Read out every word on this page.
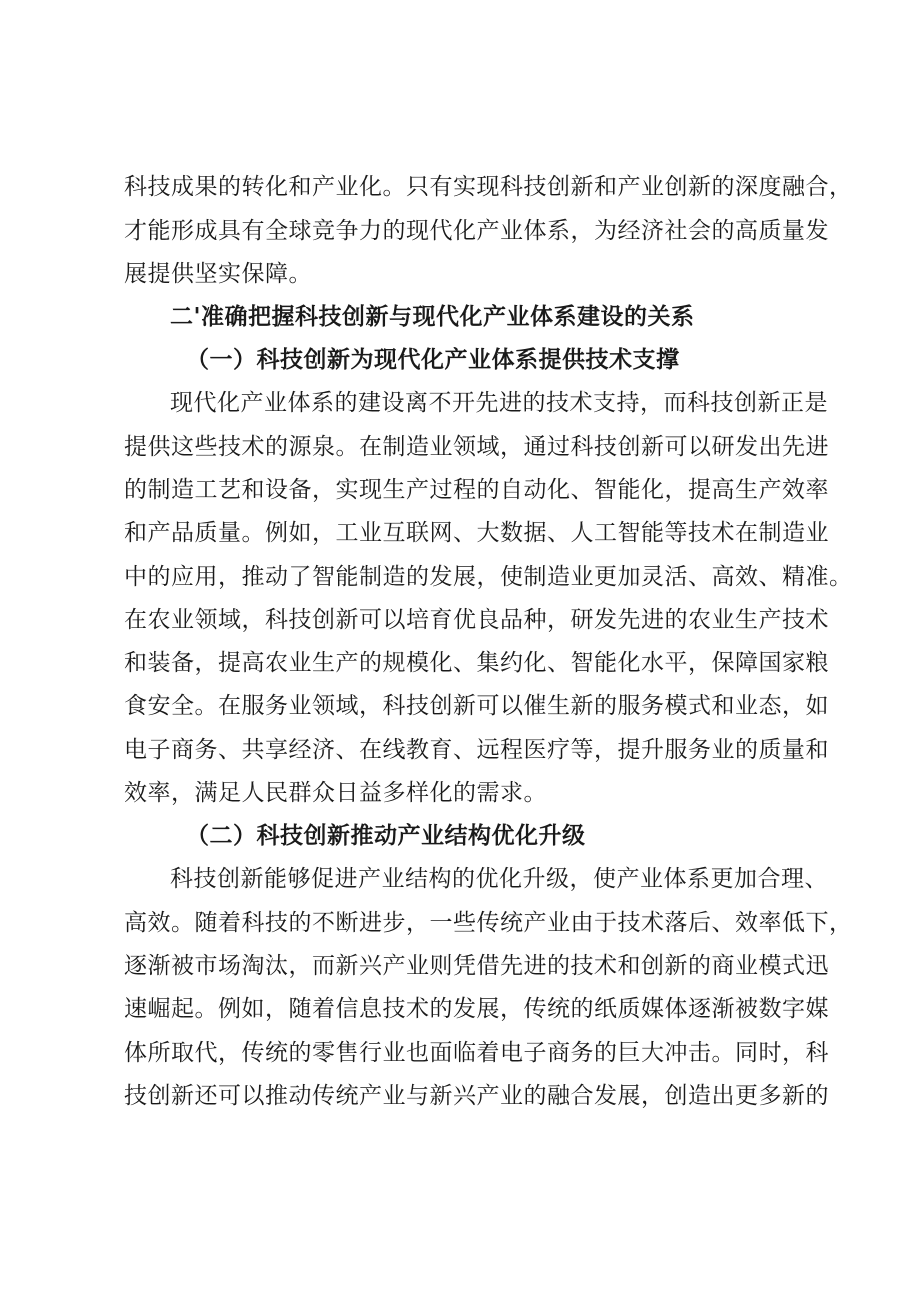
科技成果的转化和产业化。只有实现科技创新和产业创新的深度融合，
才能形成具有全球竞争力的现代化产业体系，为经济社会的高质量发
展提供坚实保障。
二'准确把握科技创新与现代化产业体系建设的关系
（一）科技创新为现代化产业体系提供技术支撑
现代化产业体系的建设离不开先进的技术支持，而科技创新正是
提供这些技术的源泉。在制造业领域，通过科技创新可以研发出先进
的制造工艺和设备，实现生产过程的自动化、智能化，提高生产效率
和产品质量。例如，工业互联网、大数据、人工智能等技术在制造业
中的应用，推动了智能制造的发展，使制造业更加灵活、高效、精准。
在农业领域，科技创新可以培育优良品种，研发先进的农业生产技术
和装备，提高农业生产的规模化、集约化、智能化水平，保障国家粮
食安全。在服务业领域，科技创新可以催生新的服务模式和业态，如
电子商务、共享经济、在线教育、远程医疗等，提升服务业的质量和
效率，满足人民群众日益多样化的需求。
（二）科技创新推动产业结构优化升级
科技创新能够促进产业结构的优化升级，使产业体系更加合理、
高效。随着科技的不断进步，一些传统产业由于技术落后、效率低下，
逐渐被市场淘汰，而新兴产业则凭借先进的技术和创新的商业模式迅
速崛起。例如，随着信息技术的发展，传统的纸质媒体逐渐被数字媒
体所取代，传统的零售行业也面临着电子商务的巨大冲击。同时，科
技创新还可以推动传统产业与新兴产业的融合发展，创造出更多新的
